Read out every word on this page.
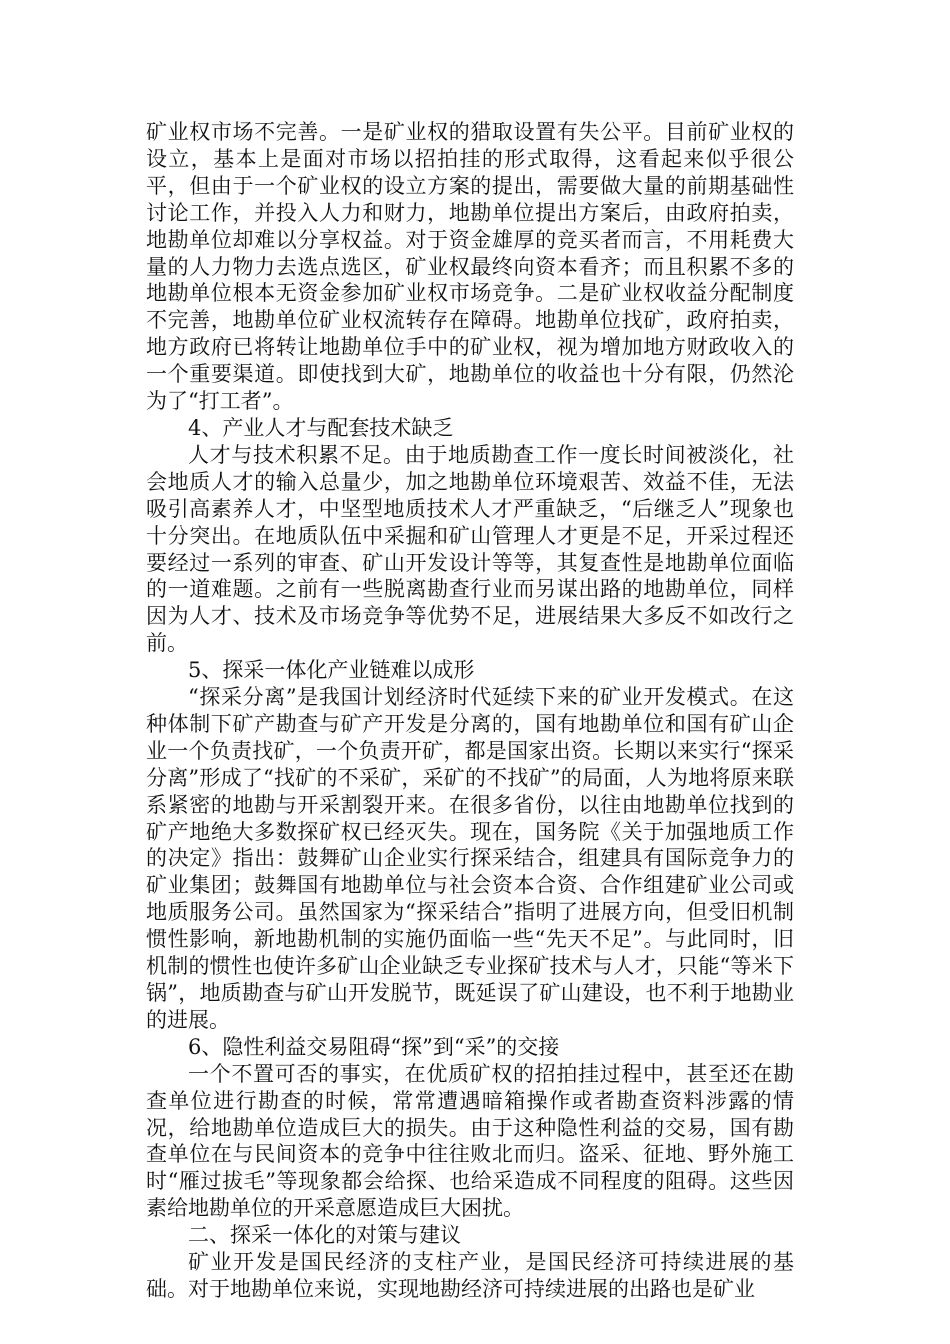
矿业权市场不完善。一是矿业权的猎取设置有失公平。目前矿业权的设立，基本上是面对市场以招拍挂的形式取得，这看起来似乎很公平，但由于一个矿业权的设立方案的提出，需要做大量的前期基础性讨论工作，并投入人力和财力，地勘单位提出方案后，由政府拍卖，地勘单位却难以分享权益。对于资金雄厚的竞买者而言，不用耗费大量的人力物力去选点选区，矿业权最终向资本看齐；而且积累不多的地勘单位根本无资金参加矿业权市场竞争。二是矿业权收益分配制度不完善，地勘单位矿业权流转存在障碍。地勘单位找矿，政府拍卖，地方政府已将转让地勘单位手中的矿业权，视为增加地方财政收入的一个重要渠道。即使找到大矿，地勘单位的收益也十分有限，仍然沦为了“打工者”。

4、产业人才与配套技术缺乏

人才与技术积累不足。由于地质勘查工作一度长时间被淡化，社会地质人才的输入总量少，加之地勘单位环境艰苦、效益不佳，无法吸引高素养人才，中坚型地质技术人才严重缺乏，“后继乏人”现象也十分突出。在地质队伍中采掘和矿山管理人才更是不足，开采过程还要经过一系列的审查、矿山开发设计等等，其复查性是地勘单位面临的一道难题。之前有一些脱离勘查行业而另谋出路的地勘单位，同样因为人才、技术及市场竞争等优势不足，进展结果大多反不如改行之前。

5、探采一体化产业链难以成形

“探采分离”是我国计划经济时代延续下来的矿业开发模式。在这种体制下矿产勘查与矿产开发是分离的，国有地勘单位和国有矿山企业一个负责找矿，一个负责开矿，都是国家出资。长期以来实行“探采分离”形成了“找矿的不采矿，采矿的不找矿”的局面，人为地将原来联系紧密的地勘与开采割裂开来。在很多省份，以往由地勘单位找到的矿产地绝大多数探矿权已经灭失。现在，国务院《关于加强地质工作的决定》指出：鼓舞矿山企业实行探采结合，组建具有国际竞争力的矿业集团；鼓舞国有地勘单位与社会资本合资、合作组建矿业公司或地质服务公司。虽然国家为“探采结合”指明了进展方向，但受旧机制惯性影响，新地勘机制的实施仍面临一些“先天不足”。与此同时，旧机制的惯性也使许多矿山企业缺乏专业探矿技术与人才，只能“等米下锅”，地质勘查与矿山开发脱节，既延误了矿山建设，也不利于地勘业的进展。

6、隐性利益交易阻碍“探”到“采”的交接

一个不置可否的事实，在优质矿权的招拍挂过程中，甚至还在勘查单位进行勘查的时候，常常遭遇暗箱操作或者勘查资料涉露的情况，给地勘单位造成巨大的损失。由于这种隐性利益的交易，国有勘查单位在与民间资本的竞争中往往败北而归。盗采、征地、野外施工时“雁过拔毛”等现象都会给探、也给采造成不同程度的阻碍。这些因素给地勘单位的开采意愿造成巨大困扰。

二、探采一体化的对策与建议

矿业开发是国民经济的支柱产业，是国民经济可持续进展的基础。对于地勘单位来说，实现地勘经济可持续进展的出路也是矿业
